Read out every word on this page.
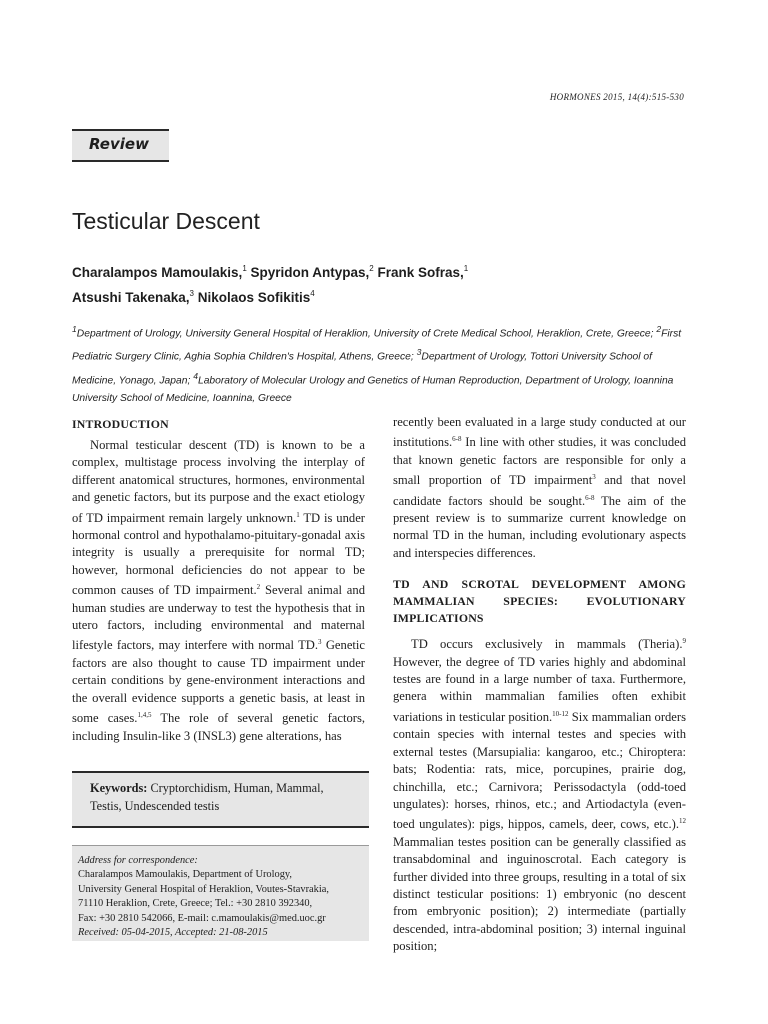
HORMONES 2015, 14(4):515-530
Review
Testicular Descent
Charalampos Mamoulakis,$^1$ Spyridon Antypas,$^2$ Frank Sofras,$^1$
Atsushi Takenaka,$^3$ Nikolaos Sofikitis$^4$
$^1$Department of Urology, University General Hospital of Heraklion, University of Crete Medical School, Heraklion, Crete, Greece; $^2$First Pediatric Surgery Clinic, Aghia Sophia Children's Hospital, Athens, Greece; $^3$Department of Urology, Tottori University School of Medicine, Yonago, Japan; $^4$Laboratory of Molecular Urology and Genetics of Human Reproduction, Department of Urology, Ioannina University School of Medicine, Ioannina, Greece
INTRODUCTION

Normal testicular descent (TD) is known to be a complex, multistage process involving the interplay of different anatomical structures, hormones, environmental and genetic factors, but its purpose and the exact etiology of TD impairment remain largely unknown.$^1$ TD is under hormonal control and hypothalamo-pituitary-gonadal axis integrity is usually a prerequisite for normal TD; however, hormonal deficiencies do not appear to be common causes of TD impairment.$^2$ Several animal and human studies are underway to test the hypothesis that in utero factors, including environmental and maternal lifestyle factors, may interfere with normal TD.$^3$ Genetic factors are also thought to cause TD impairment under certain conditions by gene-environment interactions and the overall evidence supports a genetic basis, at least in some cases.$^{1,4,5}$ The role of several genetic factors, including Insulin-like 3 (INSL3) gene alterations, has

Keywords: Cryptorchidism, Human, Mammal, Testis, Undescended testis
Address for correspondence:
Charalampos Mamoulakis, Department of Urology,
University General Hospital of Heraklion, Voutes-Stavrakia,
71110 Heraklion, Crete, Greece; Tel.: +30 2810 392340,
Fax: +30 2810 542066, E-mail: c.mamoulakis@med.uoc.gr
Received: 05-04-2015, Accepted: 21-08-2015

recently been evaluated in a large study conducted at our institutions.$^{6-8}$ In line with other studies, it was concluded that known genetic factors are responsible for only a small proportion of TD impairment$^3$ and that novel candidate factors should be sought.$^{6-8}$ The aim of the present review is to summarize current knowledge on normal TD in the human, including evolutionary aspects and interspecies differences.

TD AND SCROTAL DEVELOPMENT AMONG MAMMALIAN SPECIES: EVOLUTIONARY IMPLICATIONS

TD occurs exclusively in mammals (Theria).$^9$ However, the degree of TD varies highly and abdominal testes are found in a large number of taxa. Furthermore, genera within mammalian families often exhibit variations in testicular position.$^{10-12}$ Six mammalian orders contain species with internal testes and species with external testes (Marsupialia: kangaroo, etc.; Chiroptera: bats; Rodentia: rats, mice, porcupines, prairie dog, chinchilla, etc.; Carnivora; Perissodactyla (odd-toed ungulates): horses, rhinos, etc.; and Artiodactyla (even-toed ungulates): pigs, hippos, camels, deer, cows, etc.).$^{12}$ Mammalian testes position can be generally classified as transabdominal and inguinoscrotal. Each category is further divided into three groups, resulting in a total of six distinct testicular positions: 1) embryonic (no descent from embryonic position); 2) intermediate (partially descended, intra-abdominal position; 3) internal inguinal position;
